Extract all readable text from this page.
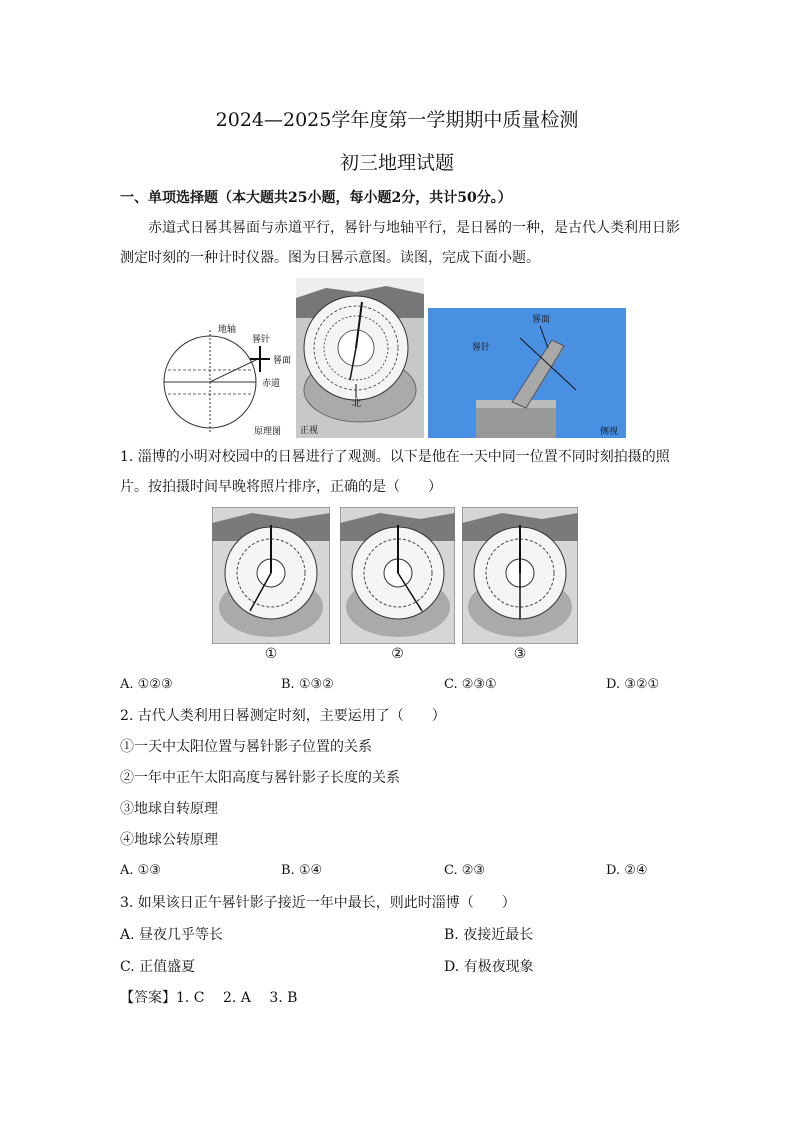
2024—2025学年度第一学期期中质量检测
初三地理试题
一、单项选择题（本大题共25小题，每小题2分，共计50分。）
赤道式日晷其晷面与赤道平行，晷针与地轴平行，是日晷的一种，是古代人类利用日影
测定时刻的一种计时仪器。图为日晷示意图。读图，完成下面小题。
地轴
晷针
晷面
赤道
原理图 正视
北
晷面
晷针
侧视
1. 淄博的小明对校园中的日晷进行了观测。以下是他在一天中同一位置不同时刻拍摄的照
片。按拍摄时间早晚将照片排序，正确的是（　　）
①	②	③
A. ①②③	B. ①③②	C. ②③①	D. ③②①
2. 古代人类利用日晷测定时刻，主要运用了（　　）
①一天中太阳位置与晷针影子位置的关系
②一年中正午太阳高度与晷针影子长度的关系
③地球自转原理
④地球公转原理
A. ①③	B. ①④	C. ②③	D. ②④
3. 如果该日正午晷针影子接近一年中最长，则此时淄博（　　）
A. 昼夜几乎等长	B. 夜接近最长
C. 正值盛夏	D. 有极夜现象
【答案】1. C　 2. A　 3. B
